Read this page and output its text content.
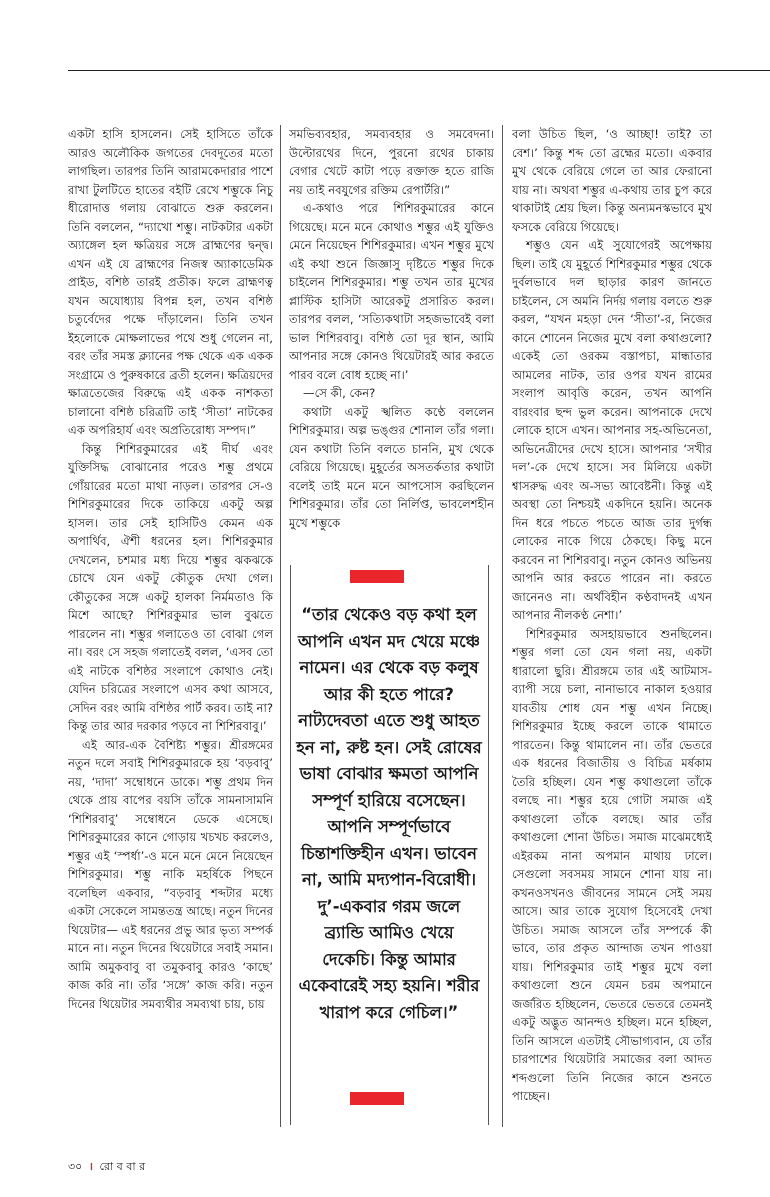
একটা হাসি হাসলেন। সেই হাসিতে তাঁকে আরও অলৌকিক জগতের দেবদূতের মতো লাগছিল। তারপর তিনি আরামকেদারার পাশে রাখা টুলটিতে হাতের বইটি রেখে শম্ভুকে নিচু ধীরোদাত্ত গলায় বোঝাতে শুরু করলেন। তিনি বললেন, “দ্যাখো শম্ভু। নাটকটার একটা অ্যাঙ্গেল হল ক্ষত্রিয়র সঙ্গে ব্রাহ্মণের দ্বন্দ্ব। এখন এই যে ব্রাহ্মণের নিজস্ব অ্যাকাডেমিক প্রাইড, বশিষ্ঠ তারই প্রতীক। ফলে ব্রাহ্মণত্ব যখন অযোধ্যায় বিপন্ন হল, তখন বশিষ্ঠ চতুর্বেদের পক্ষে দাঁড়ালেন। তিনি তখন ইহলোকে মোক্ষলাভের পথে শুধু গেলেন না, বরং তাঁর সমস্ত ক্ল্যানের পক্ষ থেকে এক একক সংগ্রামে ও পুরুষকারে ব্রতী হলেন। ক্ষত্রিয়দের ক্ষাত্রতেজের বিরুদ্ধে এই একক নাশকতা চালানো বশিষ্ঠ চরিত্রটি তাই ‘সীতা’ নাটকের এক অপরিহার্য এবং অপ্রতিরোধ্য সম্পদ।”

কিন্তু শিশিরকুমারের এই দীর্ঘ এবং যুক্তিসিদ্ধ বোঝানোর পরেও শম্ভু প্রথমে গোঁয়ারের মতো মাথা নাড়ল। তারপর সে-ও শিশিরকুমারের দিকে তাকিয়ে একটু অল্প হাসল। তার সেই হাসিটিও কেমন এক অপার্থিব, ঐশী ধরনের হল। শিশিরকুমার দেখলেন, চশমার মধ্য দিয়ে শম্ভুর ঝকঝকে চোখে যেন একটু কৌতুক দেখা গেল। কৌতুকের সঙ্গে একটু হালকা নির্মমতাও কি মিশে আছে? শিশিরকুমার ভাল বুঝতে পারলেন না। শম্ভুর গলাতেও তা বোঝা গেল না। বরং সে সহজ গলাতেই বলল, ‘এসব তো এই নাটকে বশিষ্ঠর সংলাপে কোথাও নেই। যেদিন চরিত্রের সংলাপে এসব কথা আসবে, সেদিন বরং আমি বশিষ্ঠর পার্ট করব। তাই না? কিন্তু তার আর দরকার পড়বে না শিশিরবাবু।’

এই আর-এক বৈশিষ্ট্য শম্ভুর। শ্রীরঙ্গমের নতুন দলে সবাই শিশিরকুমারকে হয় ‘বড়বাবু’ নয়, ‘দাদা’ সম্বোধনে ডাকে। শম্ভু প্রথম দিন থেকে প্রায় বাপের বয়সি তাঁকে সামনাসামনি ‘শিশিরবাবু’ সম্বোধনে ডেকে এসেছে। শিশিরকুমারের কানে গোড়ায় খচখচ করলেও, শম্ভুর এই ‘স্পর্ধা’-ও মনে মনে মেনে নিয়েছেন শিশিরকুমার। শম্ভু নাকি মহর্ষিকে পিছনে বলেছিল একবার, “বড়বাবু শব্দটার মধ্যে একটা সেকেলে সামন্ততন্ত্র আছে। নতুন দিনের থিয়েটার— এই ধরনের প্রভু আর ভৃত্য সম্পর্ক মানে না। নতুন দিনের থিয়েটারে সবাই সমান। আমি অমুকবাবু বা তমুকবাবু কারও ‘কাছে’ কাজ করি না। তাঁর ‘সঙ্গে’ কাজ করি। নতুন দিনের থিয়েটার সমব্যথীর সমব্যথা চায়, চায়

সমভিব্যবহার, সমব্যবহার ও সমবেদনা। উল্টোরথের দিনে, পুরনো রথের চাকায় বেগার খেটে কাটা পড়ে রক্তাক্ত হতে রাজি নয় তাই নবযুগের রক্তিম রেপার্টরি।”

এ-কথাও পরে শিশিরকুমারের কানে গিয়েছে। মনে মনে কোথাও শম্ভুর এই যুক্তিও মেনে নিয়েছেন শিশিরকুমার। এখন শম্ভুর মুখে এই কথা শুনে জিজ্ঞাসু দৃষ্টিতে শম্ভুর দিকে চাইলেন শিশিরকুমার। শম্ভু তখন তার মুখের প্লাস্টিক হাসিটা আরেকটু প্রসারিত করল। তারপর বলল, ‘সত্যিকথাটা সহজভাবেই বলা ভাল শিশিরবাবু। বশিষ্ঠ তো দূর স্থান, আমি আপনার সঙ্গে কোনও থিয়েটারই আর করতে পারব বলে বোধ হচ্ছে না।’

—সে কী, কেন?

কথাটা একটু স্খলিত কণ্ঠে বললেন শিশিরকুমার। অল্প ভঙ্গুর শোনাল তাঁর গলা। যেন কথাটা তিনি বলতে চাননি, মুখ থেকে বেরিয়ে গিয়েছে। মুহূর্তের অসতর্কতার কথাটা বলেই তাই মনে মনে আপসোস করছিলেন শিশিরকুমার। তাঁর তো নির্লিপ্ত, ভাবলেশহীন মুখে শম্ভুকে

বলা উচিত ছিল, ‘ও আচ্ছা! তাই? তা বেশ।’ কিন্তু শব্দ তো ব্রহ্মের মতো। একবার মুখ থেকে বেরিয়ে গেলে তা আর ফেরানো যায় না। অথবা শম্ভুর এ-কথায় তার চুপ করে থাকাটাই শ্রেয় ছিল। কিন্তু অন্যমনস্কভাবে মুখ ফসকে বেরিয়ে গিয়েছে।

শম্ভুও যেন এই সুযোগেরই অপেক্ষায় ছিল। তাই যে মুহূর্তে শিশিরকুমার শম্ভুর থেকে দুর্বলভাবে দল ছাড়ার কারণ জানতে চাইলেন, সে অমনি নির্দয় গলায় বলতে শুরু করল, “যখন মহড়া দেন ‘সীতা’-র, নিজের কানে শোনেন নিজের মুখে বলা কথাগুলো? একেই তো ওরকম বস্তাপচা, মান্ধাতার আমলের নাটক, তার ওপর যখন রামের সংলাপ আবৃত্তি করেন, তখন আপনি বারংবার ছন্দ ভুল করেন। আপনাকে দেখে লোকে হাসে এখন। আপনার সহ-অভিনেতা, অভিনেত্রীদের দেখে হাসে। আপনার ‘সখীর দল’-কে দেখে হাসে। সব মিলিয়ে একটা শ্বাসরুদ্ধ এবং অ-সভ্য আবেষ্টনী। কিন্তু এই অবস্থা তো নিশ্চয়ই একদিনে হয়নি। অনেক দিন ধরে পচতে পচতে আজ তার দুর্গন্ধ লোকের নাকে গিয়ে ঠেকছে। কিছু মনে করবেন না শিশিরবাবু। নতুন কোনও অভিনয় আপনি আর করতে পারেন না। করতে জানেনও না। অর্থবিহীন কণ্ঠবাদনই এখন আপনার নীলকণ্ঠ নেশা।’

শিশিরকুমার অসহায়ভাবে শুনছিলেন। শম্ভুর গলা তো যেন গলা নয়, একটা ধারালো ছুরি। শ্রীরঙ্গমে তার এই আটমাস-ব্যাপী সয়ে চলা, নানাভাবে নাকাল হওয়ার যাবতীয় শোধ যেন শম্ভু এখন নিচ্ছে। শিশিরকুমার ইচ্ছে করলে তাকে থামাতে পারতেন। কিন্তু থামালেন না। তাঁর ভেতরে এক ধরনের বিজাতীয় ও বিচিত্র মর্ষকাম তৈরি হচ্ছিল। যেন শম্ভু কথাগুলো তাঁকে বলছে না। শম্ভুর হয়ে গোটা সমাজ এই কথাগুলো তাঁকে বলছে। আর তাঁর কথাগুলো শোনা উচিত। সমাজ মাঝেমধ্যেই এইরকম নানা অপমান মাথায় ঢালে। সেগুলো সবসময় সামনে শোনা যায় না। কখনওসখনও জীবনের সামনে সেই সময় আসে। আর তাকে সুযোগ হিসেবেই দেখা উচিত। সমাজ আসলে তাঁর সম্পর্কে কী ভাবে, তার প্রকৃত আন্দাজ তখন পাওয়া যায়। শিশিরকুমার তাই শম্ভুর মুখে বলা কথাগুলো শুনে যেমন চরম অপমানে জর্জরিত হচ্ছিলেন, ভেতরে ভেতরে তেমনই একটু অদ্ভুত আনন্দও হচ্ছিল। মনে হচ্ছিল, তিনি আসলে এতটাই সৌভাগ্যবান, যে তাঁর চারপাশের থিয়েটারি সমাজের বলা আদত শব্দগুলো তিনি নিজের কানে শুনতে পাচ্ছেন।

“তার থেকেও বড় কথা হল আপনি এখন মদ খেয়ে মঞ্চে নামেন। এর থেকে বড় কলুষ আর কী হতে পারে? নাট্যদেবতা এতে শুধু আহত হন না, রুষ্ট হন। সেই রোষের ভাষা বোঝার ক্ষমতা আপনি সম্পূর্ণ হারিয়ে বসেছেন। আপনি সম্পূর্ণভাবে চিন্তাশক্তিহীন এখন। ভাবেন না, আমি মদ্যপান-বিরোধী। দু’-একবার গরম জলে ব্র্যান্ডি আমিও খেয়ে দেকেচি। কিন্তু আমার একেবারেই সহ্য হয়নি। শরীর খারাপ করে গেচিল।”
৩০ । রো ব বা র
